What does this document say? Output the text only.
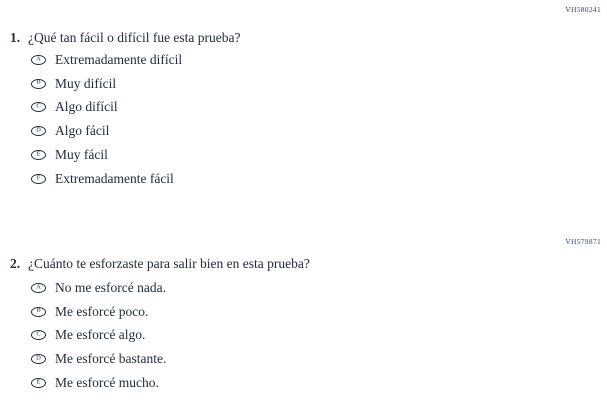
VH580241
1. ¿Qué tan fácil o difícil fue esta prueba?
A Extremadamente difícil
B Muy difícil
C Algo difícil
D Algo fácil
E Muy fácil
F Extremadamente fácil
VH579871
2. ¿Cuánto te esforzaste para salir bien en esta prueba?
A No me esforcé nada.
B Me esforcé poco.
C Me esforcé algo.
D Me esforcé bastante.
E Me esforcé mucho.
